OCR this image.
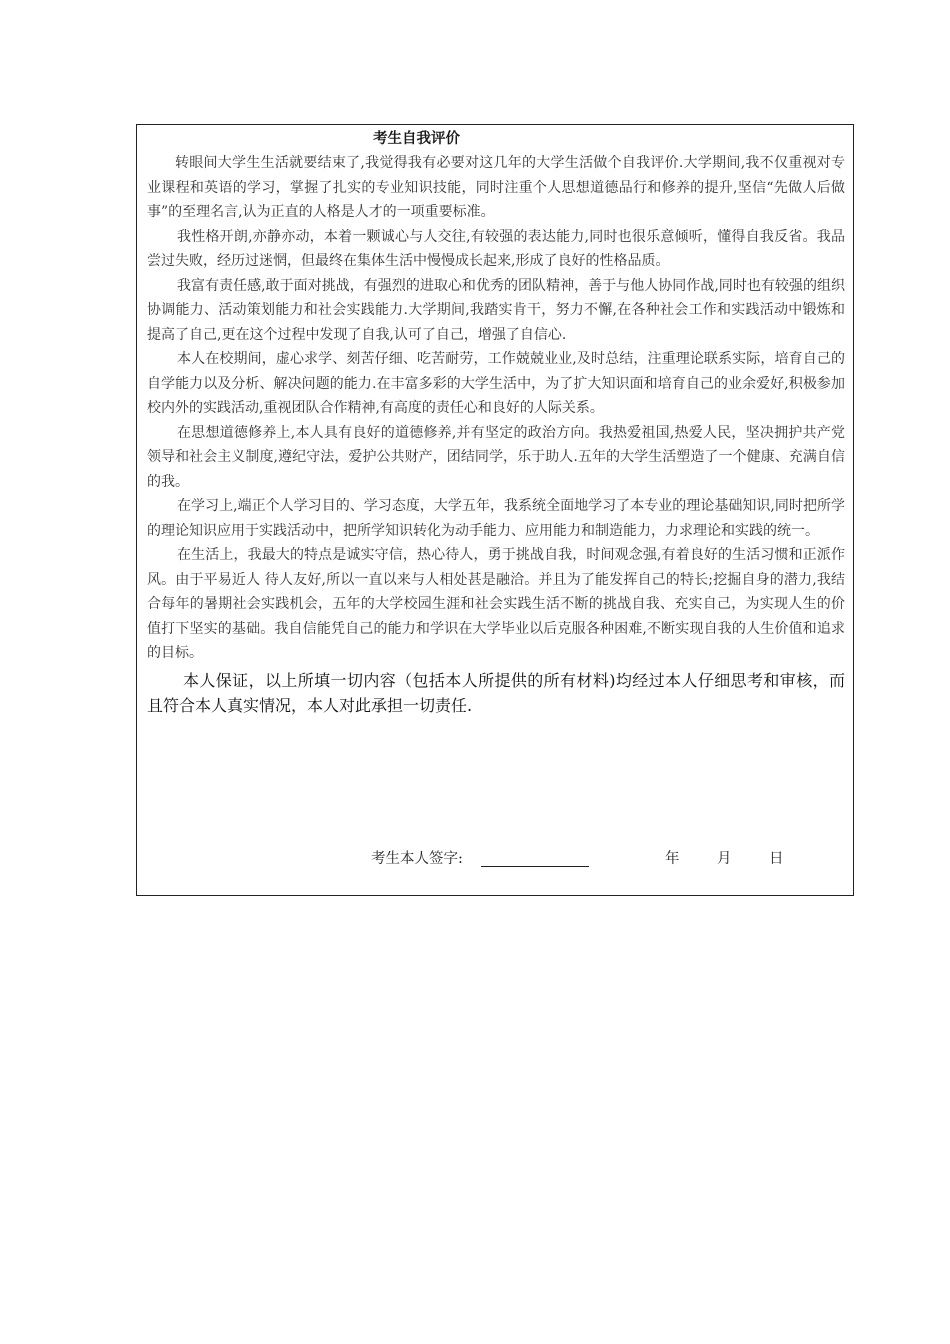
考生自我评价

转眼间大学生生活就要结束了,我觉得我有必要对这几年的大学生活做个自我评价.大学期间,我不仅重视对专业课程和英语的学习，掌握了扎实的专业知识技能，同时注重个人思想道德品行和修养的提升,坚信“先做人后做事”的至理名言,认为正直的人格是人才的一项重要标准。

我性格开朗,亦静亦动，本着一颗诚心与人交往,有较强的表达能力,同时也很乐意倾听，懂得自我反省。我品尝过失败，经历过迷惘，但最终在集体生活中慢慢成长起来,形成了良好的性格品质。

我富有责任感,敢于面对挑战，有强烈的进取心和优秀的团队精神，善于与他人协同作战,同时也有较强的组织协调能力、活动策划能力和社会实践能力.大学期间,我踏实肯干，努力不懈,在各种社会工作和实践活动中锻炼和提高了自己,更在这个过程中发现了自我,认可了自己，增强了自信心.

本人在校期间，虚心求学、刻苦仔细、吃苦耐劳，工作兢兢业业,及时总结，注重理论联系实际，培育自己的自学能力以及分析、解决问题的能力.在丰富多彩的大学生活中，为了扩大知识面和培育自己的业余爱好,积极参加校内外的实践活动,重视团队合作精神,有高度的责任心和良好的人际关系。

在思想道德修养上,本人具有良好的道德修养,并有坚定的政治方向。我热爱祖国,热爱人民，坚决拥护共产党领导和社会主义制度,遵纪守法，爱护公共财产，团结同学，乐于助人.五年的大学生活塑造了一个健康、充满自信的我。

在学习上,端正个人学习目的、学习态度，大学五年，我系统全面地学习了本专业的理论基础知识,同时把所学的理论知识应用于实践活动中，把所学知识转化为动手能力、应用能力和制造能力，力求理论和实践的统一。

在生活上，我最大的特点是诚实守信，热心待人，勇于挑战自我，时间观念强,有着良好的生活习惯和正派作风。由于平易近人 待人友好,所以一直以来与人相处甚是融洽。并且为了能发挥自己的特长;挖掘自身的潜力,我结合每年的暑期社会实践机会，五年的大学校园生涯和社会实践生活不断的挑战自我、充实自己，为实现人生的价值打下坚实的基础。我自信能凭自己的能力和学识在大学毕业以后克服各种困难,不断实现自我的人生价值和追求的目标。

本人保证，以上所填一切内容（包括本人所提供的所有材料)均经过本人仔细思考和审核，而且符合本人真实情况，本人对此承担一切责任.

考生本人签字:	年	月	日
